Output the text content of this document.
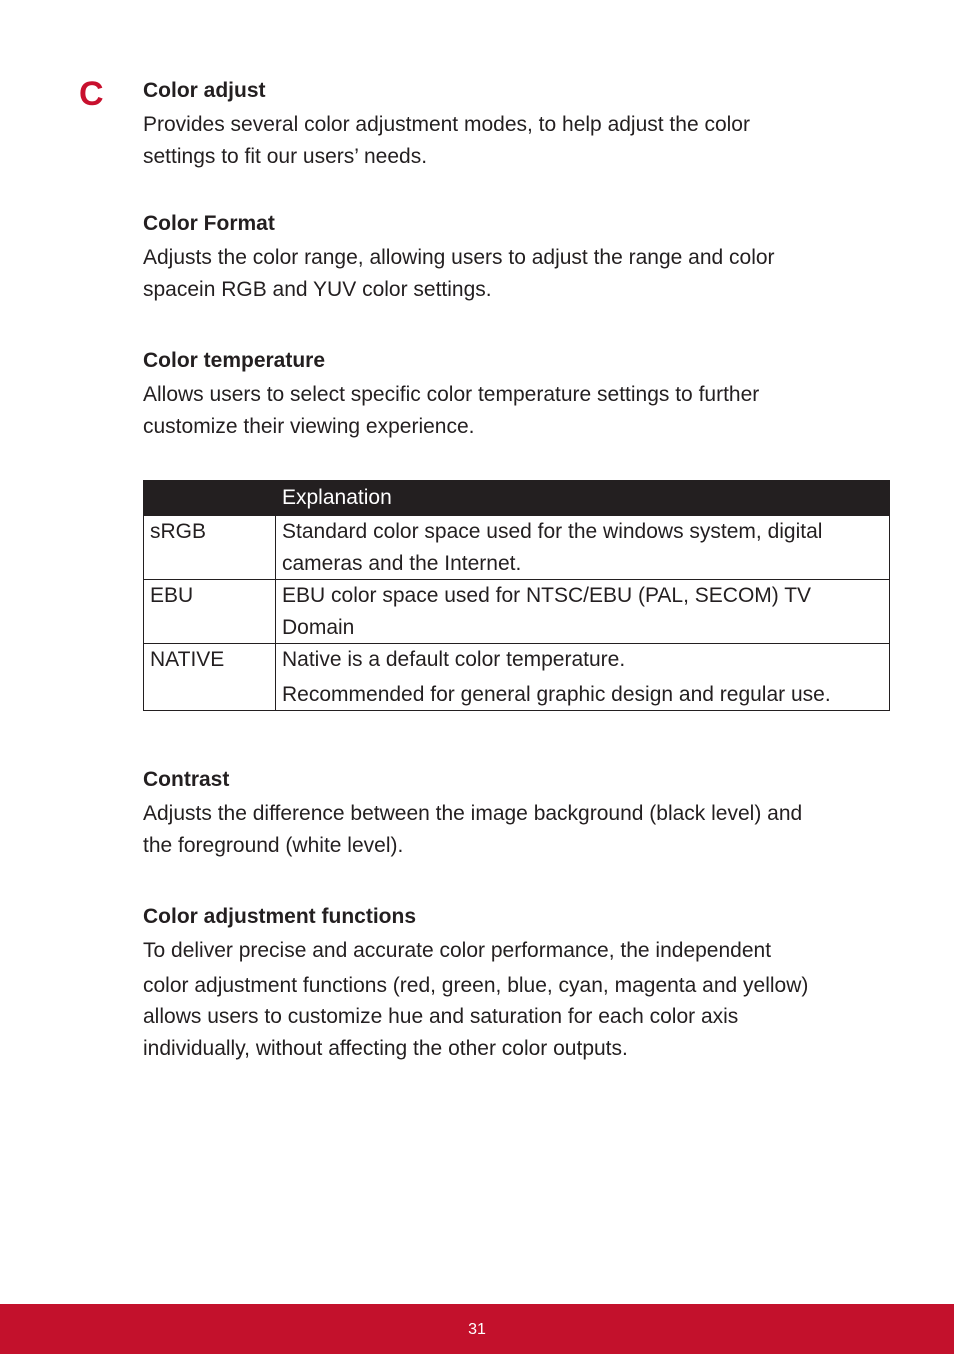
C Color adjust

Provides several color adjustment modes, to help adjust the color

settings to fit our users’ needs.

Color Format

Adjusts the color range, allowing users to adjust the range and color

spacein RGB and YUV color settings.

Color temperature

Allows users to select specific color temperature settings to further

customize their viewing experience.

Contrast

Adjusts the difference between the image background (black level) and

the foreground (white level).

Color adjustment functions

To deliver precise and accurate color performance, the independent

color adjustment functions (red, green, blue, cyan, magenta and yellow)

allows users to customize hue and saturation for each color axis

individually, without affecting the other color outputs.

	Explanation

sRGB	Standard color space used for the windows system, digital

cameras and the Internet.

EBU	EBU color space used for NTSC/EBU (PAL, SECOM) TV

Domain

NATIVE	Native is a default color temperature.

Recommended for general graphic design and regular use.

31
